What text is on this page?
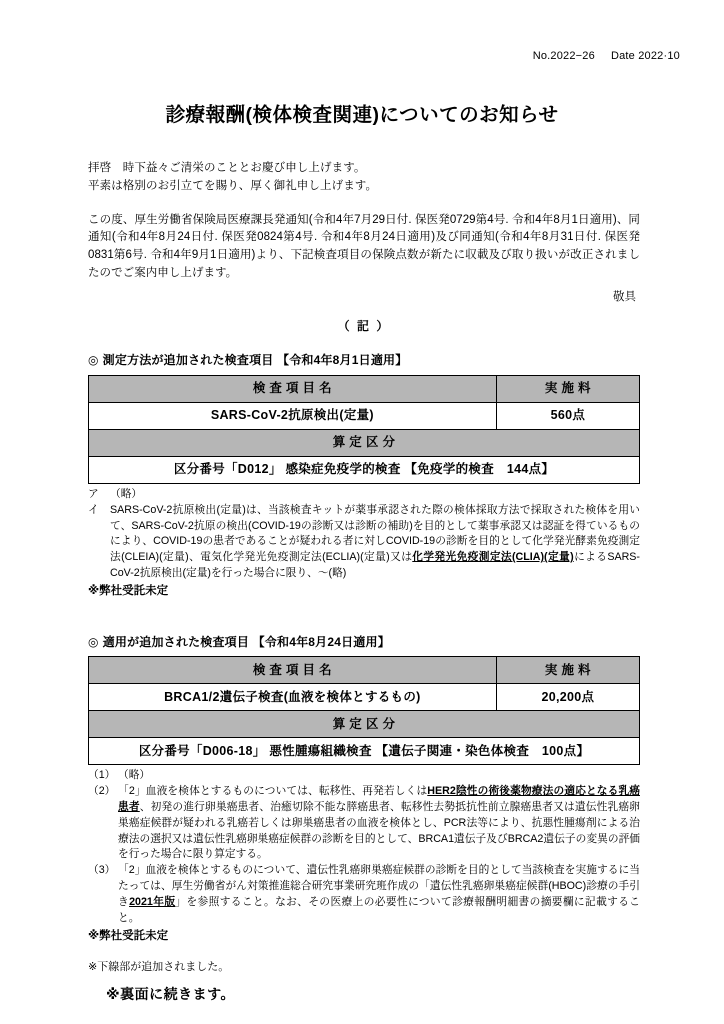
No.2022−26 Date 2022·10
診療報酬(検体検査関連)についてのお知らせ

拝啓　時下益々ご清栄のこととお慶び申し上げます。
平素は格別のお引立てを賜り、厚く御礼申し上げます。

この度、厚生労働省保険局医療課長発通知(令和4年7月29日付. 保医発0729第4号. 令和4年8月1日適用)、同通知(令和4年8月24日付. 保医発0824第4号. 令和4年8月24日適用)及び同通知(令和4年8月31日付. 保医発0831第6号. 令和4年9月1日適用)より、下記検査項目の保険点数が新たに収載及び取り扱いが改正されましたのでご案内申し上げます。

敬具

（ 記 ）

◎ 測定方法が追加された検査項目 【令和4年8月1日適用】
検 査 項 目 名	実 施 料
SARS-CoV-2抗原検出(定量)	560点
算 定 区 分	
区分番号「D012」 感染症免疫学的検査 【免疫学的検査　144点】	
ア	（略）
イ	SARS-CoV-2抗原検出(定量)は、当該検査キットが薬事承認された際の検体採取方法で採取された検体を用いて、SARS-CoV-2抗原の検出(COVID-19の診断又は診断の補助)を目的として薬事承認又は認証を得ているものにより、COVID-19の患者であることが疑われる者に対しCOVID-19の診断を目的として化学発光酵素免疫測定法(CLEIA)(定量)、電気化学発光免疫測定法(ECLIA)(定量)又は化学発光免疫測定法(CLIA)(定量)によるSARS-CoV-2抗原検出(定量)を行った場合に限り、〜(略)
※弊社受託未定
◎ 適用が追加された検査項目 【令和4年8月24日適用】
検 査 項 目 名	実 施 料
BRCA1/2遺伝子検査(血液を検体とするもの)	20,200点
算 定 区 分	
区分番号「D006-18」 悪性腫瘍組織検査 【遺伝子関連・染色体検査　100点】	
（1） （略）
（2） 「2」血液を検体とするものについては、転移性、再発若しくはHER2陰性の術後薬物療法の適応となる乳癌患者、初発の進行卵巣癌患者、治癒切除不能な膵癌患者、転移性去勢抵抗性前立腺癌患者又は遺伝性乳癌卵巣癌症候群が疑われる乳癌若しくは卵巣癌患者の血液を検体とし、PCR法等により、抗悪性腫瘍剤による治療法の選択又は遺伝性乳癌卵巣癌症候群の診断を目的として、BRCA1遺伝子及びBRCA2遺伝子の変異の評価を行った場合に限り算定する。
（3） 「2」血液を検体とするものについて、遺伝性乳癌卵巣癌症候群の診断を目的として当該検査を実施するに当たっては、厚生労働省がん対策推進総合研究事業研究班作成の「遺伝性乳癌卵巣癌症候群(HBOC)診療の手引き2021年版」を参照すること。なお、その医療上の必要性について診療報酬明細書の摘要欄に記載すること。
※弊社受託未定

※下線部が追加されました。

※裏面に続きます。
